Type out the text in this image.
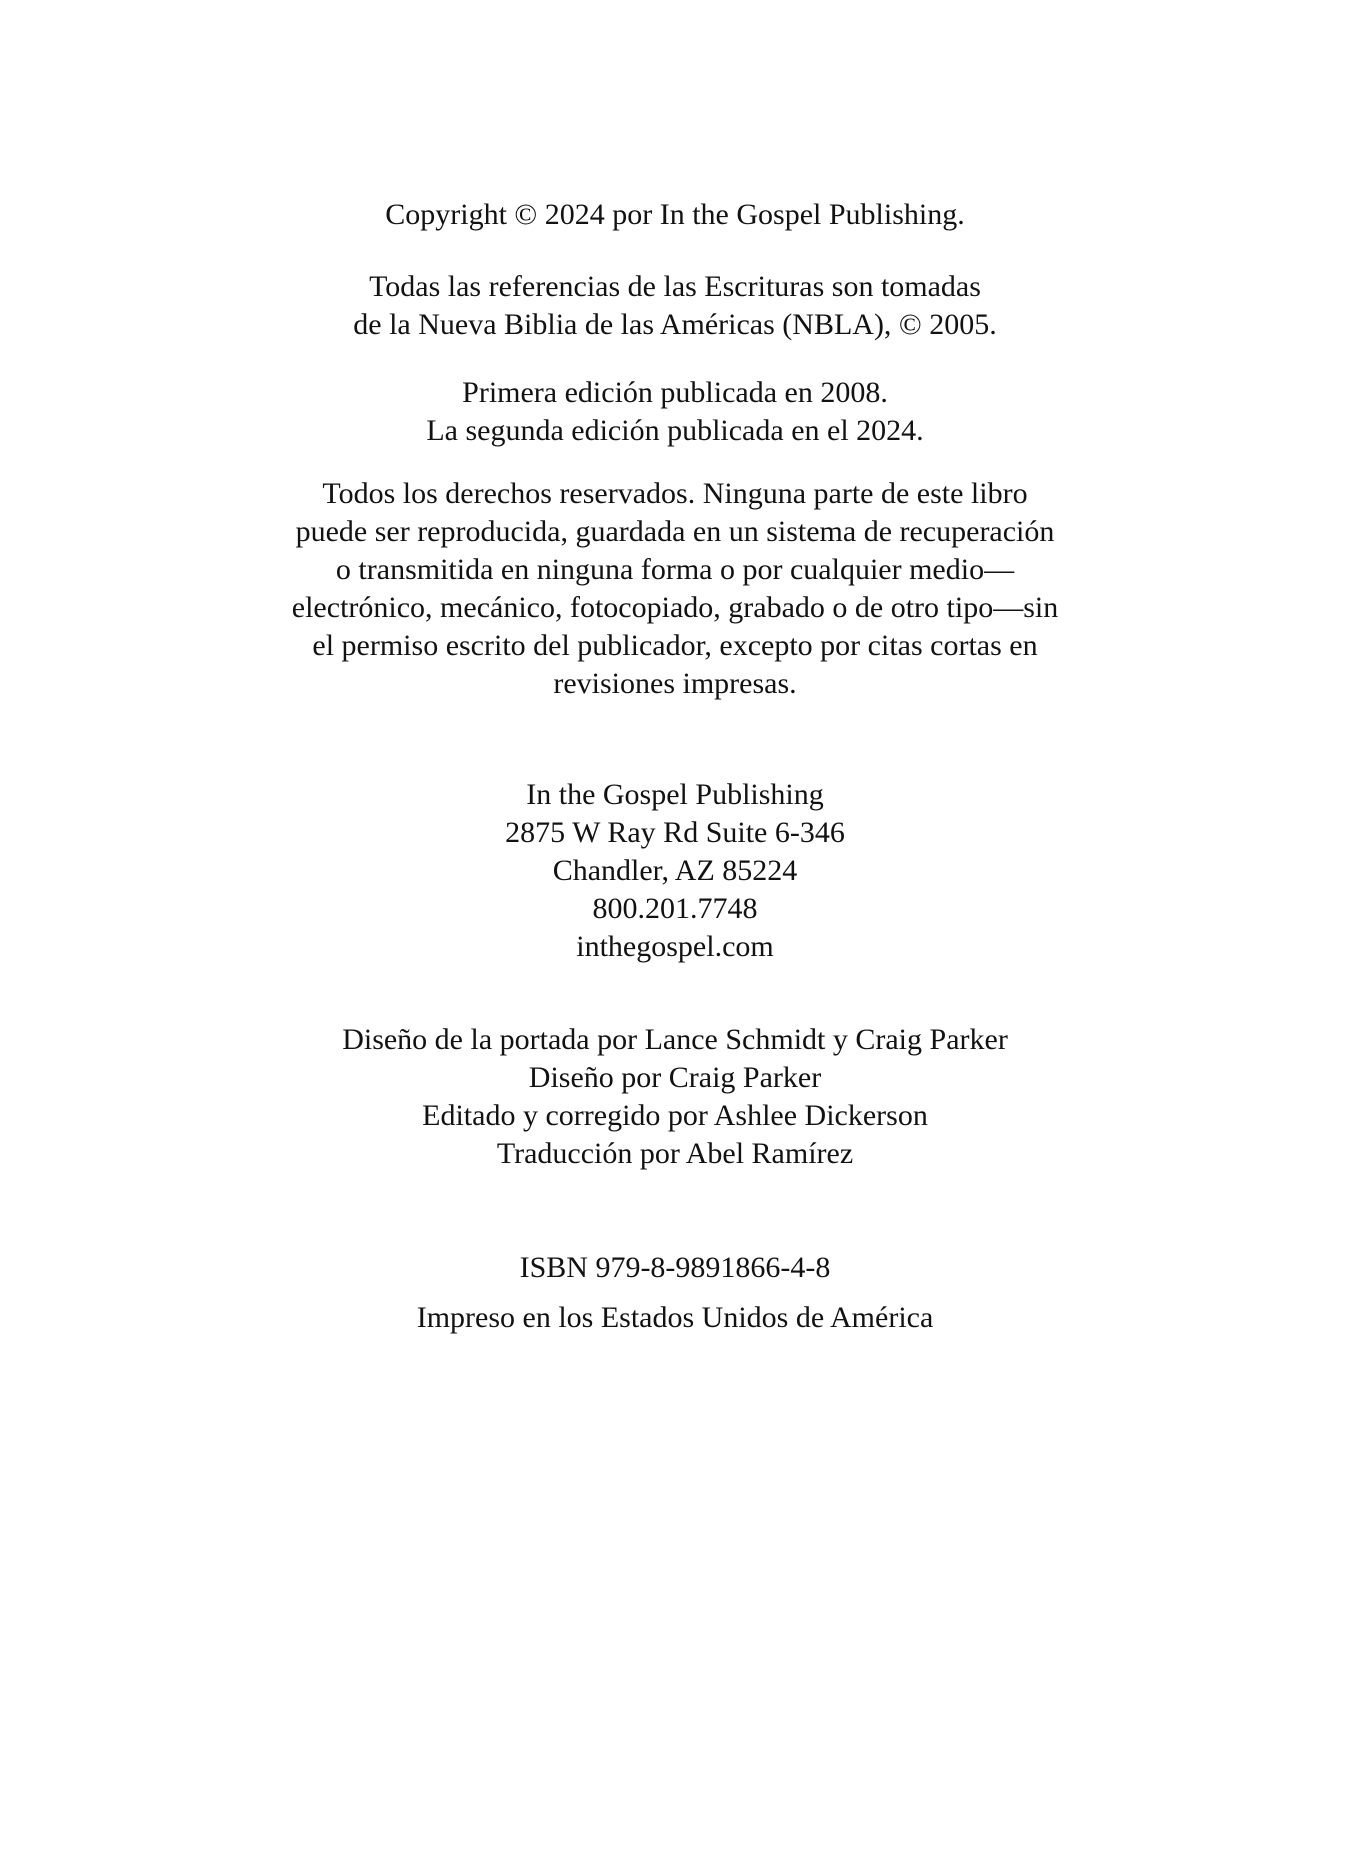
Copyright © 2024 por In the Gospel Publishing.
Todas las referencias de las Escrituras son tomadas
de la Nueva Biblia de las Américas (NBLA), © 2005.
Primera edición publicada en 2008.
La segunda edición publicada en el 2024.
Todos los derechos reservados. Ninguna parte de este libro
puede ser reproducida, guardada en un sistema de recuperación
o transmitida en ninguna forma o por cualquier medio—
electrónico, mecánico, fotocopiado, grabado o de otro tipo—sin
el permiso escrito del publicador, excepto por citas cortas en
revisiones impresas.
In the Gospel Publishing
2875 W Ray Rd Suite 6-346
Chandler, AZ 85224
800.201.7748
inthegospel.com
Diseño de la portada por Lance Schmidt y Craig Parker
Diseño por Craig Parker
Editado y corregido por Ashlee Dickerson
Traducción por Abel Ramírez
ISBN 979-8-9891866-4-8
Impreso en los Estados Unidos de América
